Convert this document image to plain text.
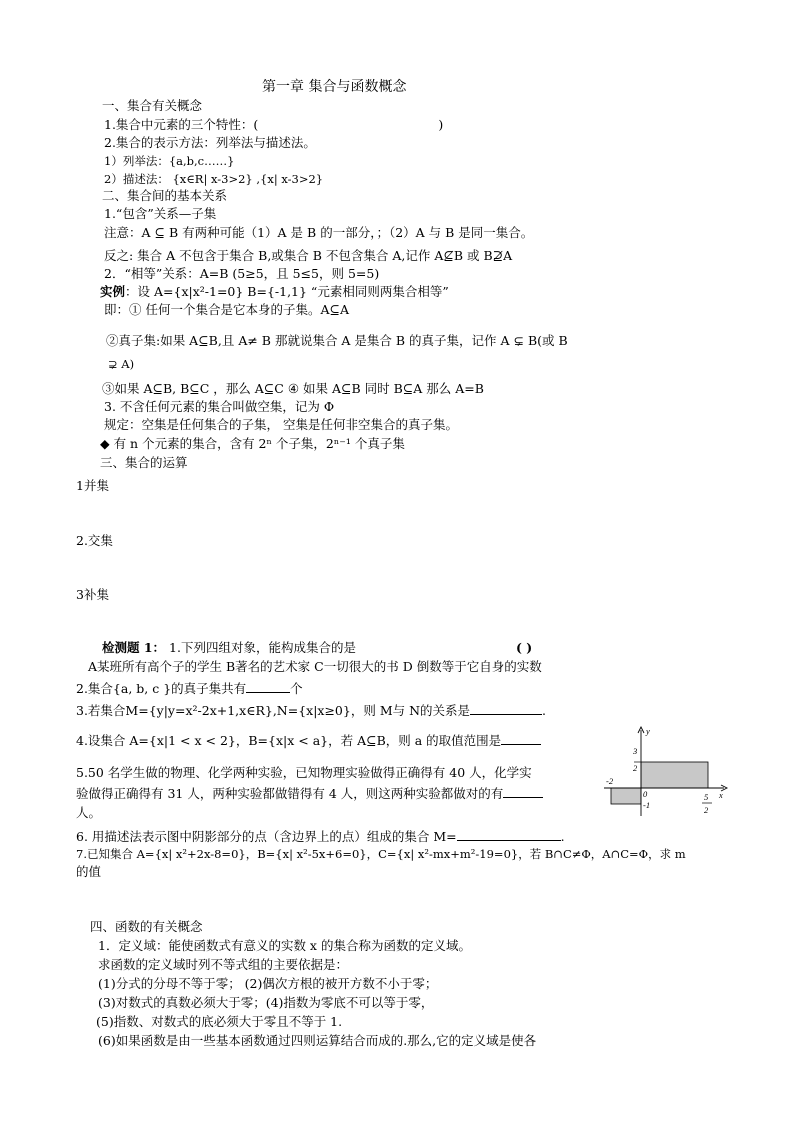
第一章 集合与函数概念
一、集合有关概念
1.集合中元素的三个特性：(	)
2.集合的表示方法：列举法与描述法。
1）列举法：{a,b,c……}
2）描述法： {x∈R| x-3>2} ,{x| x-3>2}
二、集合间的基本关系
1.“包含”关系—子集
注意：A ⊆ B 有两种可能（1）A 是 B 的一部分，；（2）A 与 B 是同一集合。
反之: 集合 A 不包含于集合 B,或集合 B 不包含集合 A,记作 A⊈B 或 B⊉A
2．“相等”关系：A=B (5≥5，且 5≤5，则 5=5)
实例：设 A={x|x²-1=0} B={-1,1} “元素相同则两集合相等”
即：① 任何一个集合是它本身的子集。A⊆A
②真子集:如果 A⊆B,且 A≠ B 那就说集合 A 是集合 B 的真子集，记作 A ⊊ B(或 B
⊋ A)
③如果 A⊆B, B⊆C ，那么 A⊆C ④ 如果 A⊆B 同时 B⊆A 那么 A=B
3. 不含任何元素的集合叫做空集，记为 Φ
规定：空集是任何集合的子集， 空集是任何非空集合的真子集。
◆ 有 n 个元素的集合，含有 2ⁿ 个子集，2ⁿ⁻¹ 个真子集
三、集合的运算
1并集
2.交集
3补集
检测题 1： 1.下列四组对象，能构成集合的是	( )
A某班所有高个子的学生 B著名的艺术家 C一切很大的书 D 倒数等于它自身的实数
2.集合{a, b, c }的真子集共有	个
3.若集合M={y|y=x²-2x+1,x∈R},N={x|x≥0}，则 M与 N的关系是	.
4.设集合 A={x|1 < x < 2}，B={x|x < a}，若 A⊆B，则 a 的取值范围是
5.50 名学生做的物理、化学两种实验，已知物理实验做得正确得有 40 人，化学实
验做得正确得有 31 人，两种实验都做错得有 4 人，则这两种实验都做对的有
人。
6. 用描述法表示图中阴影部分的点（含边界上的点）组成的集合 M=	.
7.已知集合 A={x| x²+2x-8=0}，B={x| x²-5x+6=0}，C={x| x²-mx+m²-19=0}，若 B∩C≠Φ，A∩C=Φ，求 m
的值
y
x
3
2
-2
0
-1
5
2
四、函数的有关概念
1．定义域：能使函数式有意义的实数 x 的集合称为函数的定义域。
求函数的定义域时列不等式组的主要依据是：
(1)分式的分母不等于零； (2)偶次方根的被开方数不小于零；
(3)对数式的真数必须大于零；(4)指数为零底不可以等于零，
(5)指数、对数式的底必须大于零且不等于 1.
(6)如果函数是由一些基本函数通过四则运算结合而成的.那么,它的定义域是使各
